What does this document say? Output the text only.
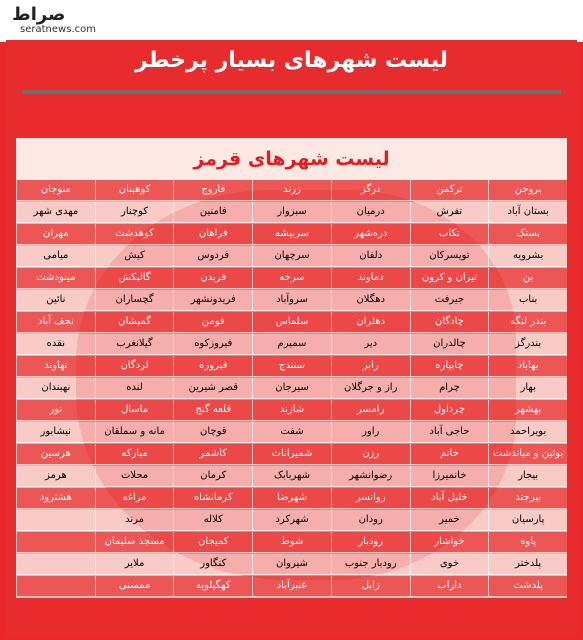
صراط
seratnews.com
لیست شهرهای بسیار پرخطر
لیست شهرهای قرمز
بروجن
ترکمن
درگز
زرند
فاروج
کوهبنان
منوجان
بستان آباد
تفرش
درمیان
سبزوار
فامنین
کوچنار
مهدی شهر
بستک
تکاب
دره‌شهر
سربیشه
فراهان
کوهدشت
مهران
بشرویه
تویسرکان
دلفان
سرچهان
فردوس
کیش
میامی
بن
تیران و کرون
دماوند
سرخه
فریدن
گالیکش
مینودشت
بناب
جیرفت
دهگلان
سروآباد
فریدونشهر
گچساران
نائین
بندر لنگه
چادگان
دهلران
سلماس
فومن
گمیشان
نجف آباد
بندرگز
چالدران
دیر
سمیرم
فیروزکوه
گیلانغرب
نقده
بهاباد
چایپاره
رابر
سنندج
فیروزه
لردگان
نهاوند
بهار
چرام
راز و جرگلان
سیرجان
قصر شیرین
لنده
نهبندان
بهشهر
چرداول
رامسر
شازند
قلعه گنج
ماسال
نور
بویراحمد
حاجی آباد
راور
شفت
قوچان
مانه و سملقان
نیشابور
بوئین و میاندشت
خاتم
رزن
شمیرانات
کاشمر
مبارکه
هرسین
بیجار
خانمیرزا
رضوانشهر
شهربابک
کرمان
محلات
هرمز
بیرجند
خلیل آباد
روانسر
شهرضا
کرمانشاه
مراغه
هشترود
پارسیان
خمیر
رودان
شهرکرد
کلاله
مرند
پاوه
خواشار
رودبار
شوط
کمیجان
مسجد سلیمان
پلدختر
خوی
رودبار جنوب
شیروان
کنگاور
ملایر
پلدشت
داراب
زابل
عنبرآباد
کهگیلویه
ممسنی
